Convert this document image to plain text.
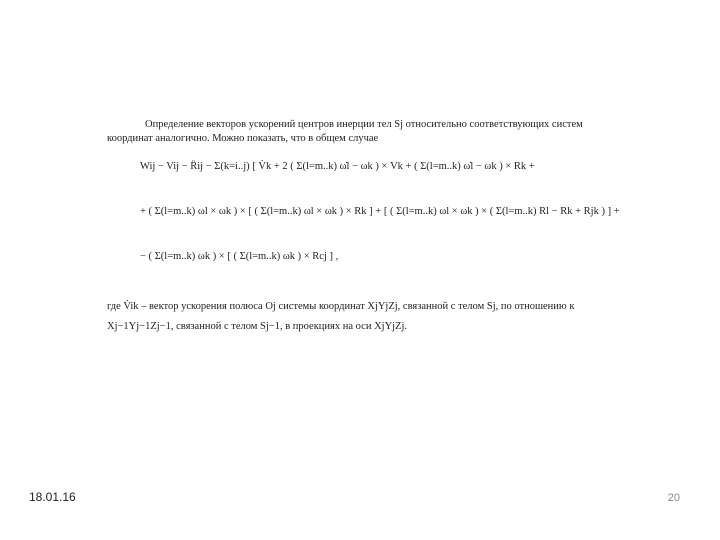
Определение векторов ускорений центров инерции тел Sj относительно соответствующих систем координат аналогично. Можно показать, что в общем случае

Wij − Vij − R̈ij − Σ(k=i..j) [ V̇k + 2 ( Σ(l=m..k) ω̇l − ωk ) × Vk + ( Σ(l=m..k) ω̇l − ωk ) × Rk +
+ ( Σ(l=m..k) ωl × ωk ) × [ ( Σ(l=m..k) ωl × ωk ) × Rk ] + [ ( Σ(l=m..k) ωl × ωk ) × ( Σ(l=m..k) Rl − Rk + Rjk ) ] +
− ( Σ(l=m..k) ωk ) × [ ( Σ(l=m..k) ωk ) × Rcj ] ,
где V̇ik – вектор ускорения полюса Oj системы координат XjYjZj, связанной с телом Sj, по отношению к
Xj−1Yj−1Zj−1, связанной с телом Sj−1, в проекциях на оси XjYjZj.
18.01.16	20
